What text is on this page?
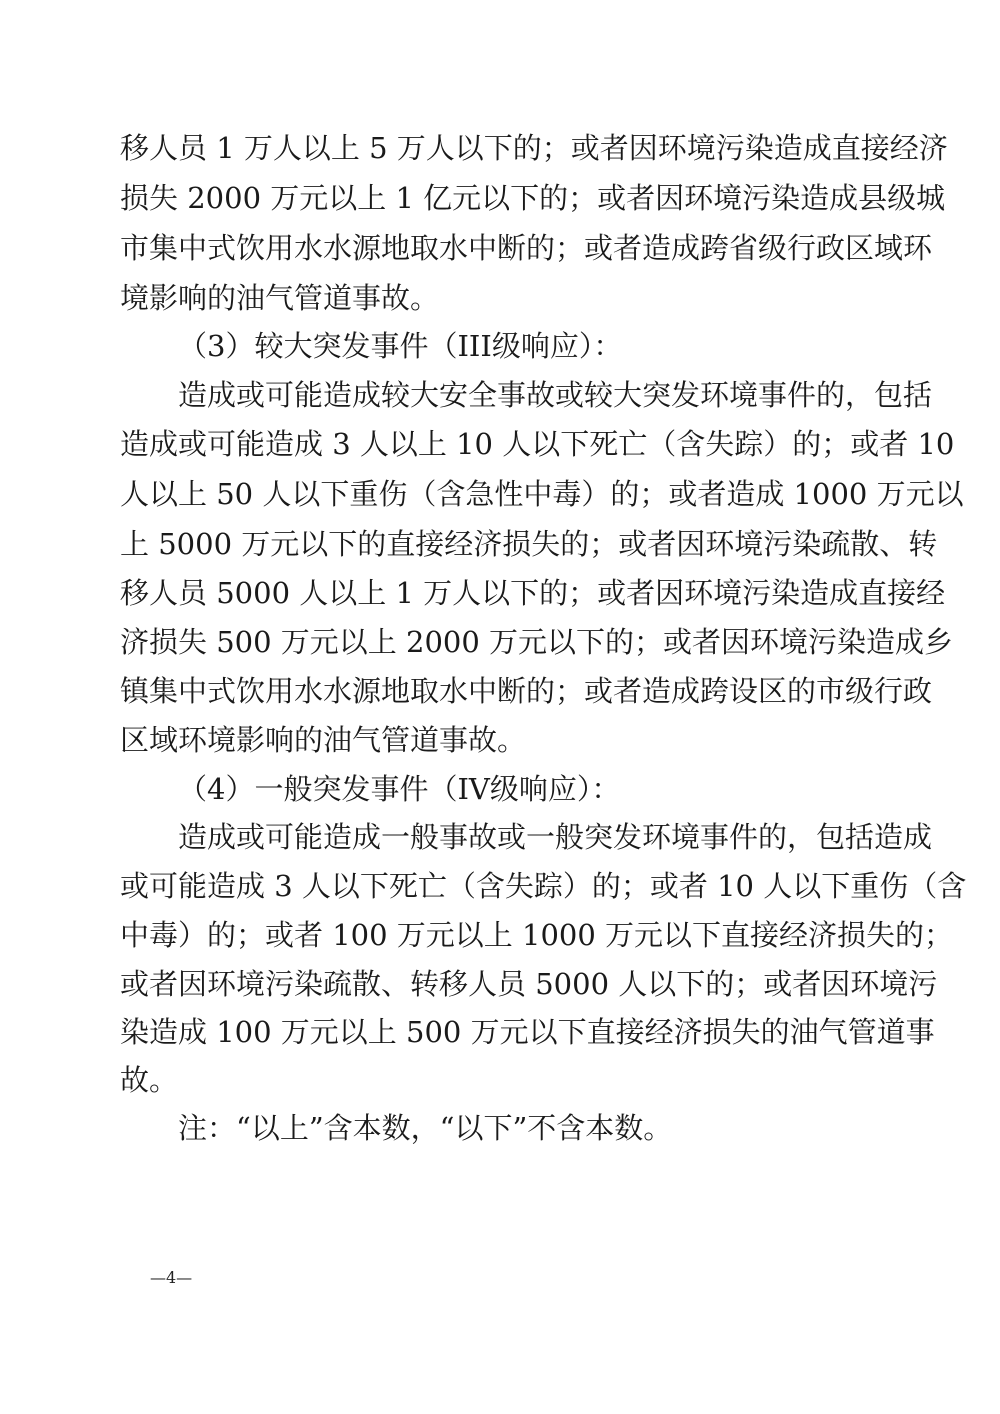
移人员 1 万人以上 5 万人以下的；或者因环境污染造成直接经济
损失 2000 万元以上 1 亿元以下的；或者因环境污染造成县级城
市集中式饮用水水源地取水中断的；或者造成跨省级行政区域环
境影响的油气管道事故。
（3）较大突发事件（III级响应）：
造成或可能造成较大安全事故或较大突发环境事件的，包括
造成或可能造成 3 人以上 10 人以下死亡（含失踪）的；或者 10
人以上 50 人以下重伤（含急性中毒）的；或者造成 1000 万元以
上 5000 万元以下的直接经济损失的；或者因环境污染疏散、转
移人员 5000 人以上 1 万人以下的；或者因环境污染造成直接经
济损失 500 万元以上 2000 万元以下的；或者因环境污染造成乡
镇集中式饮用水水源地取水中断的；或者造成跨设区的市级行政
区域环境影响的油气管道事故。
（4）一般突发事件（IV级响应）：
造成或可能造成一般事故或一般突发环境事件的，包括造成
或可能造成 3 人以下死亡（含失踪）的；或者 10 人以下重伤（含
中毒）的；或者 100 万元以上 1000 万元以下直接经济损失的；
或者因环境污染疏散、转移人员 5000 人以下的；或者因环境污
染造成 100 万元以上 500 万元以下直接经济损失的油气管道事
故。
注：“以上”含本数，“以下”不含本数。
—4—
